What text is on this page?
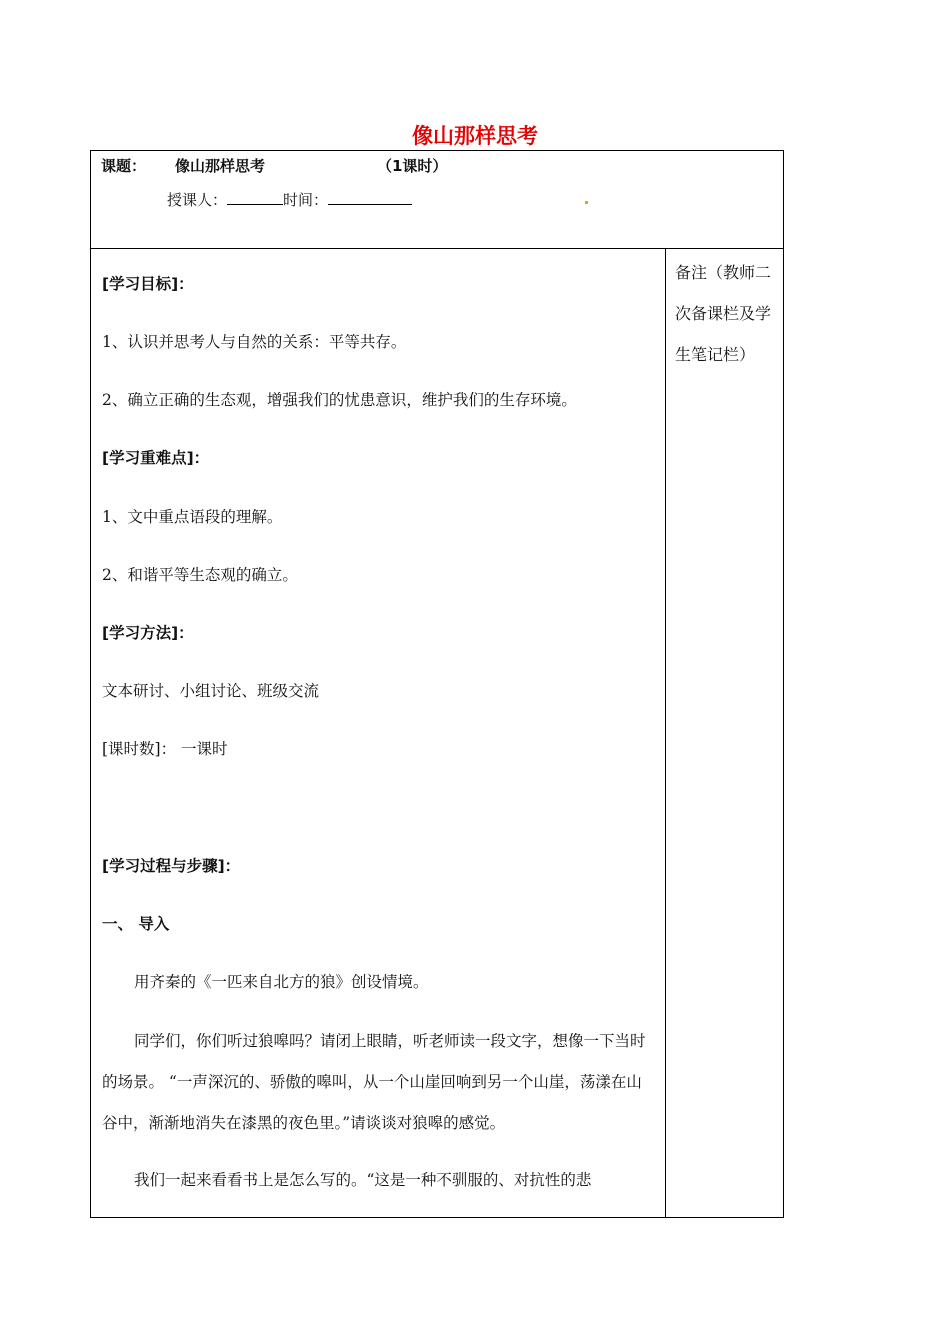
像山那样思考
课题： 像山那样思考	（1课时）
授课人：	时间：
[学习目标]：
1、认识并思考人与自然的关系：平等共存。
2、确立正确的生态观，增强我们的忧患意识，维护我们的生存环境。
[学习重难点]：
1、文中重点语段的理解。
2、和谐平等生态观的确立。
[学习方法]：
文本研讨、小组讨论、班级交流
[课时数]： 一课时
[学习过程与步骤]：
一、 导入
用齐秦的《一匹来自北方的狼》创设情境。
同学们，你们听过狼嗥吗？请闭上眼睛，听老师读一段文字，想像一下当时的场景。 “一声深沉的、骄傲的嗥叫，从一个山崖回响到另一个山崖，荡漾在山谷中，渐渐地消失在漆黑的夜色里。”请谈谈对狼嗥的感觉。
我们一起来看看书上是怎么写的。“这是一种不驯服的、对抗性的悲
备注（教师二次备课栏及学生笔记栏）
